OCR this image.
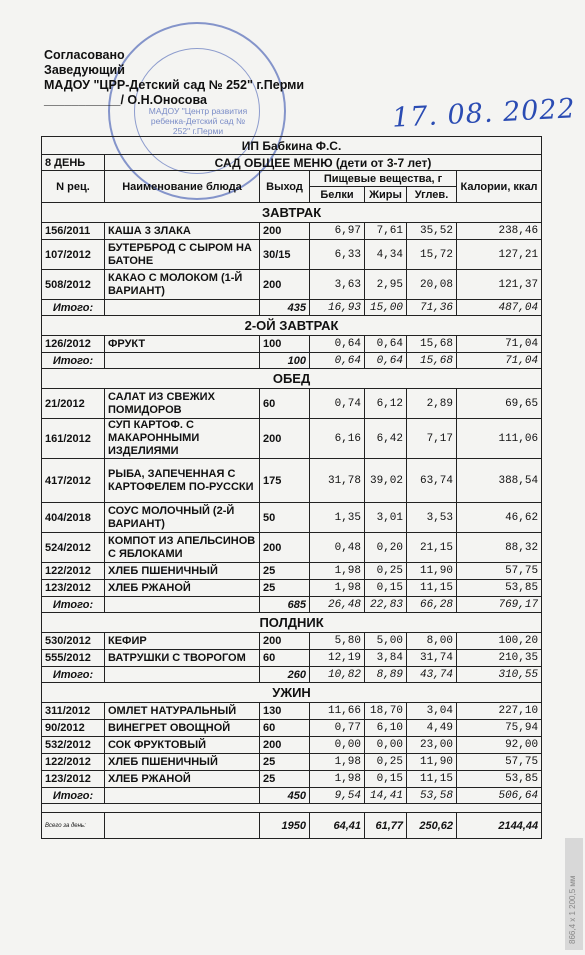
МАДОУ "Центр развития ребенка-Детский сад № 252" г.Перми
Согласовано
Заведующий
МАДОУ "ЦРР-Детский сад № 252" г.Перми
___________/ О.Н.Оносова	17. 08. 2022
ИП Бабкина Ф.С.						
8 ДЕНЬ	САД ОБЩЕЕ МЕНЮ (дети от 3-7 лет)					
N рец.	Наименование блюда	Выход	Пищевые вещества, г			Калории, ккал
			Белки	Жиры	Углев.	
ЗАВТРАК						
156/2011	КАША 3 ЗЛАКА	200	6,97	7,61	35,52	238,46
107/2012	БУТЕРБРОД С СЫРОМ НА БАТОНЕ	30/15	6,33	4,34	15,72	127,21
508/2012	КАКАО С МОЛОКОМ (1-Й ВАРИАНТ)	200	3,63	2,95	20,08	121,37
Итого:		435	16,93	15,00	71,36	487,04
2-ОЙ ЗАВТРАК						
126/2012	ФРУКТ	100	0,64	0,64	15,68	71,04
Итого:		100	0,64	0,64	15,68	71,04
ОБЕД						
21/2012	САЛАТ ИЗ СВЕЖИХ ПОМИДОРОВ	60	0,74	6,12	2,89	69,65
161/2012	СУП КАРТОФ. С МАКАРОННЫМИ ИЗДЕЛИЯМИ	200	6,16	6,42	7,17	111,06
417/2012	РЫБА, ЗАПЕЧЕННАЯ С КАРТОФЕЛЕМ ПО-РУССКИ	175	31,78	39,02	63,74	388,54
404/2018	СОУС МОЛОЧНЫЙ (2-Й ВАРИАНТ)	50	1,35	3,01	3,53	46,62
524/2012	КОМПОТ ИЗ АПЕЛЬСИНОВ С ЯБЛОКАМИ	200	0,48	0,20	21,15	88,32
122/2012	ХЛЕБ ПШЕНИЧНЫЙ	25	1,98	0,25	11,90	57,75
123/2012	ХЛЕБ РЖАНОЙ	25	1,98	0,15	11,15	53,85
Итого:		685	26,48	22,83	66,28	769,17
ПОЛДНИК						
530/2012	КЕФИР	200	5,80	5,00	8,00	100,20
555/2012	ВАТРУШКИ С ТВОРОГОМ	60	12,19	3,84	31,74	210,35
Итого:		260	10,82	8,89	43,74	310,55
УЖИН						
311/2012	ОМЛЕТ НАТУРАЛЬНЫЙ	130	11,66	18,70	3,04	227,10
90/2012	ВИНЕГРЕТ ОВОЩНОЙ	60	0,77	6,10	4,49	75,94
532/2012	СОК ФРУКТОВЫЙ	200	0,00	0,00	23,00	92,00
122/2012	ХЛЕБ ПШЕНИЧНЫЙ	25	1,98	0,25	11,90	57,75
123/2012	ХЛЕБ РЖАНОЙ	25	1,98	0,15	11,15	53,85
Итого:		450	9,54	14,41	53,58	506,64

Всего за день:		1950	64,41	61,77	250,62	2144,44
866,4 x 1 200,5 мм
